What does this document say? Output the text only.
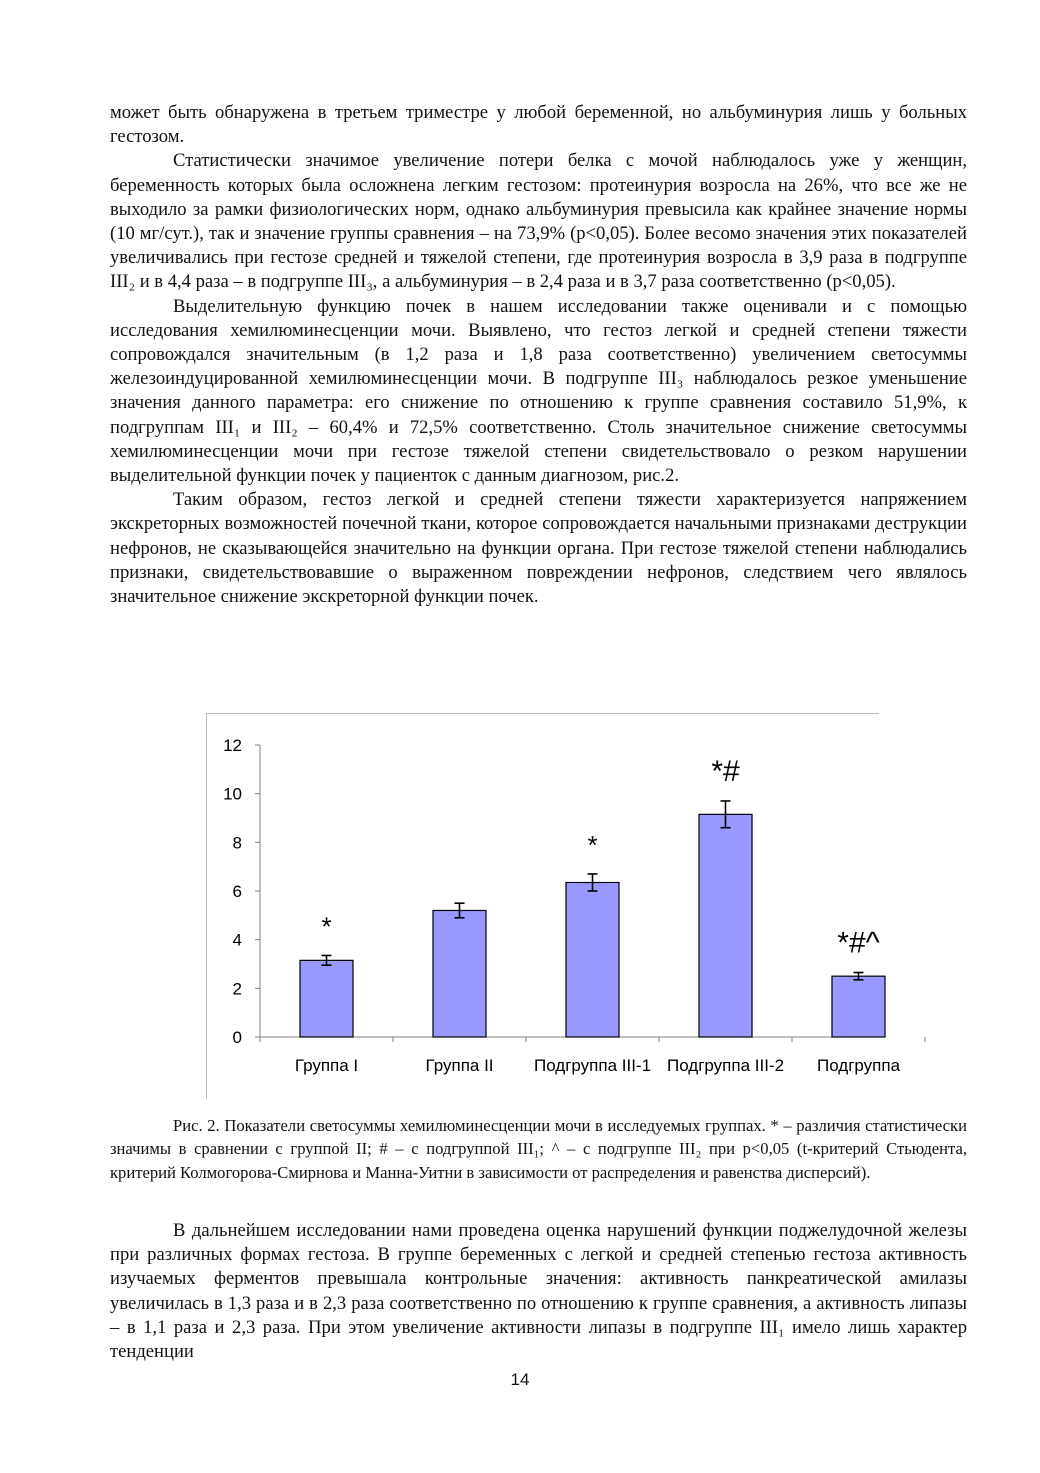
может быть обнаружена в третьем триместре у любой беременной, но альбуминурия лишь у больных гестозом.

Статистически значимое увеличение потери белка с мочой наблюдалось уже у женщин, беременность которых была осложнена легким гестозом: протеинурия возросла на 26%, что все же не выходило за рамки физиологических норм, однако альбуминурия превысила как крайнее значение нормы (10 мг/сут.), так и значение группы сравнения – на 73,9% (p<0,05). Более весомо значения этих показателей увеличивались при гестозе средней и тяжелой степени, где протеинурия возросла в 3,9 раза в подгруппе III₂ и в 4,4 раза – в подгруппе III₃, а альбуминурия – в 2,4 раза и в 3,7 раза соответственно (p<0,05).

Выделительную функцию почек в нашем исследовании также оценивали и с помощью исследования хемилюминесценции мочи. Выявлено, что гестоз легкой и средней степени тяжести сопровождался значительным (в 1,2 раза и 1,8 раза соответственно) увеличением светосуммы железоиндуцированной хемилюминесценции мочи. В подгруппе III₃ наблюдалось резкое уменьшение значения данного параметра: его снижение по отношению к группе сравнения составило 51,9%, к подгруппам III₁ и III₂ – 60,4% и 72,5% соответственно. Столь значительное снижение светосуммы хемилюминесценции мочи при гестозе тяжелой степени свидетельствовало о резком нарушении выделительной функции почек у пациенток с данным диагнозом, рис.2.

Таким образом, гестоз легкой и средней степени тяжести характеризуется напряжением экскреторных возможностей почечной ткани, которое сопровождается начальными признаками деструкции нефронов, не сказывающейся значительно на функции органа. При гестозе тяжелой степени наблюдались признаки, свидетельствовавшие о выраженном повреждении нефронов, следствием чего являлось значительное снижение экскреторной функции почек.

0
2
4
6
8
10
12
*
Группа I	Группа II
*
Подгруппа III-1
*#
Подгруппа III-2
*#^
Подгруппа

Рис. 2. Показатели светосуммы хемилюминесценции мочи в исследуемых группах. * – различия статистически значимы в сравнении с группой II; # – с подгруппой III₁; ^ – с подгруппе III₂ при p<0,05 (t-критерий Стьюдента, критерий Колмогорова-Смирнова и Манна-Уитни в зависимости от распределения и равенства дисперсий).

В дальнейшем исследовании нами проведена оценка нарушений функции поджелудочной железы при различных формах гестоза. В группе беременных с легкой и средней степенью гестоза активность изучаемых ферментов превышала контрольные значения: активность панкреатической амилазы увеличилась в 1,3 раза и в 2,3 раза соответственно по отношению к группе сравнения, а активность липазы – в 1,1 раза и 2,3 раза. При этом увеличение активности липазы в подгруппе III₁ имело лишь характер тенденции

14
